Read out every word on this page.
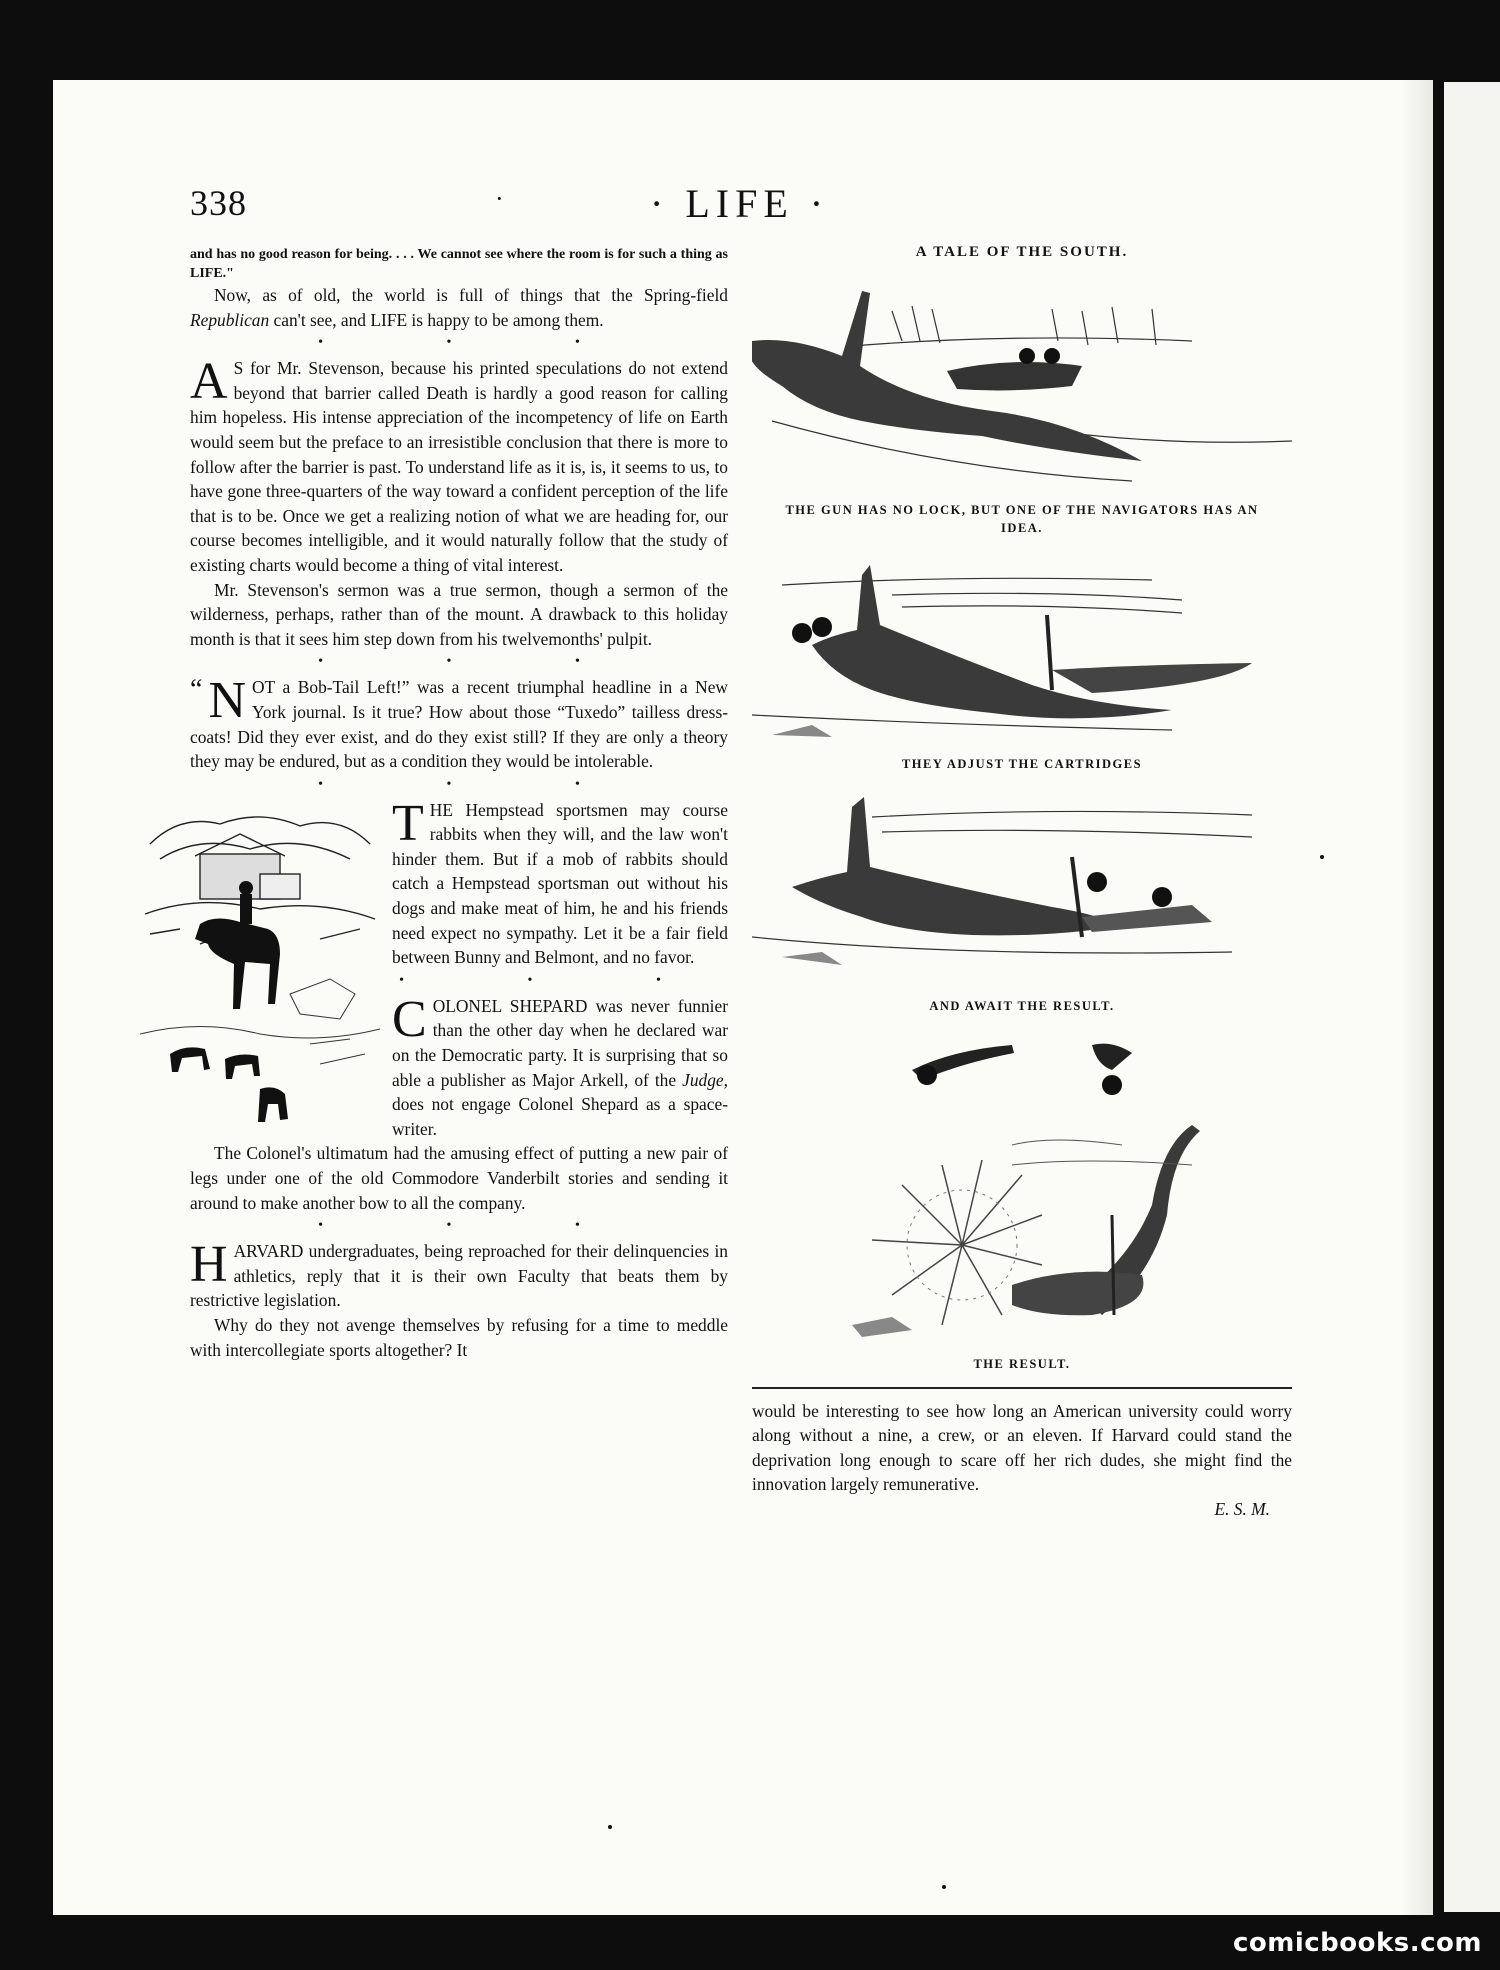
338	·	· LIFE ·

and has no good reason for being. . . . We cannot see where the room is for such a thing as LIFE."

Now, as of old, the world is full of things that the Spring-field Republican can't see, and LIFE is happy to be among them.

• • •

A S for Mr. Stevenson, because his printed speculations do not extend beyond that barrier called Death is hardly a good reason for calling him hopeless. His intense appreciation of the incompetency of life on Earth would seem but the preface to an irresistible conclusion that there is more to follow after the barrier is past. To understand life as it is, is, it seems to us, to have gone three-quarters of the way toward a confident perception of the life that is to be. Once we get a realizing notion of what we are heading for, our course becomes intelligible, and it would naturally follow that the study of existing charts would become a thing of vital interest.

Mr. Stevenson's sermon was a true sermon, though a sermon of the wilderness, perhaps, rather than of the mount. A drawback to this holiday month is that it sees him step down from his twelvemonths' pulpit.

• • •

“ N OT a Bob-Tail Left!” was a recent triumphal headline in a New York journal. Is it true? How about those “Tuxedo” tailless dress-coats! Did they ever exist, and do they exist still? If they are only a theory they may be endured, but as a condition they would be intolerable.

• • •

THE Hempstead sportsmen may course rabbits when they will, and the law won't hinder them. But if a mob of rabbits should catch a Hempstead sportsman out without his dogs and make meat of him, he and his friends need expect no sympathy. Let it be a fair field between Bunny and Belmont, and no favor.

• • •

COLONEL SHEPARD was never funnier than the other day when he declared war on the Democratic party. It is surprising that so able a publisher as Major Arkell, of the Judge, does not engage Colonel Shepard as a space-writer.

The Colonel's ultimatum had the amusing effect of putting a new pair of legs under one of the old Commodore Vanderbilt stories and sending it around to make another bow to all the company.

• • •

HARVARD undergraduates, being reproached for their delinquencies in athletics, reply that it is their own Faculty that beats them by restrictive legislation.

Why do they not avenge themselves by refusing for a time to meddle with intercollegiate sports altogether? It

A TALE OF THE SOUTH.
THE GUN HAS NO LOCK, BUT ONE OF THE NAVIGATORS HAS AN IDEA.
THEY ADJUST THE CARTRIDGES
AND AWAIT THE RESULT.
THE RESULT.
would be interesting to see how long an American university could worry along without a nine, a crew, or an eleven. If Harvard could stand the deprivation long enough to scare off her rich dudes, she might find the innovation largely remunerative.
E. S. M.
comicbooks.com
